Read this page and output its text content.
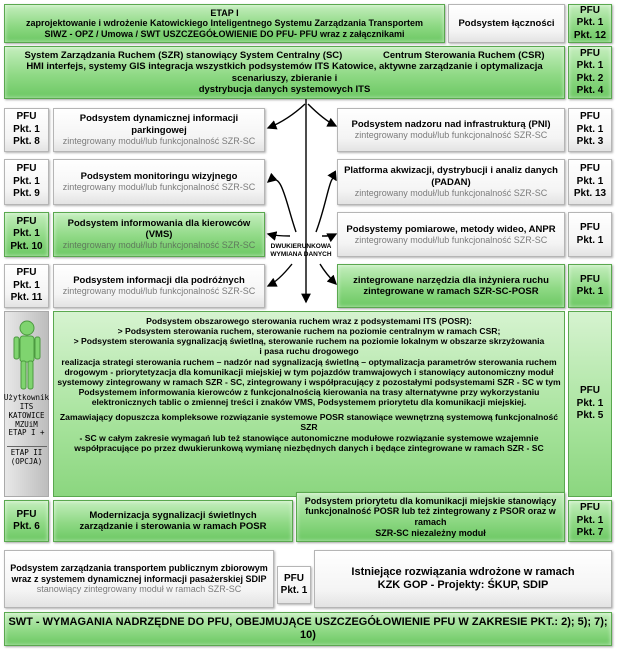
ETAP I
zaprojektowanie i wdrożenie Katowickiego Inteligentnego Systemu Zarządzania Transportem
SIWZ - OPZ / Umowa / SWT USZCZEGÓŁOWIENIE DO PFU- PFU wraz z załącznikami
Podsystem łączności
PFU
Pkt. 1
Pkt. 12
System Zarządzania Ruchem (SZR) stanowiący System Centralny (SC)	Centrum Sterowania Ruchem (CSR)
HMI interfejs, systemy GIS integracja wszystkich podsystemów ITS Katowice, aktywne zarządzanie i optymalizacja scenariuszy, zbieranie i
dystrybucja danych systemowych ITS
PFU
Pkt. 1
Pkt. 2
Pkt. 4
PFU
Pkt. 1
Pkt. 8
Podsystem dynamicznej informacji parkingowej
zintegrowany moduł/lub funkcjonalność SZR-SC
Podsystem nadzoru nad infrastrukturą (PNI)
zintegrowany moduł/lub funkcjonalność SZR-SC
PFU
Pkt. 1
Pkt. 3
PFU
Pkt. 1
Pkt. 9
Podsystem monitoringu wizyjnego
zintegrowany moduł/lub funkcjonalność SZR-SC
Platforma akwizacji, dystrybucji i analiz danych (PADAN)
zintegrowany moduł/lub funkcjonalność SZR-SC
PFU
Pkt. 1
Pkt. 13
PFU
Pkt. 1
Pkt. 10
Podsystem informowania dla kierowców (VMS)
zintegrowany moduł/lub funkcjonalność SZR-SC
Podsystemy pomiarowe, metody wideo, ANPR
zintegrowany moduł/lub funkcjonalność SZR-SC
PFU
Pkt. 1
DWUKIERUNKOWA
WYMIANA DANYCH
PFU
Pkt. 1
Pkt. 11
Podsystem informacji dla podróżnych
zintegrowany moduł/lub funkcjonalność SZR-SC
zintegrowane narzędzia dla inżyniera ruchu
zintegrowane w ramach SZR-SC-POSR
PFU
Pkt. 1
Podsystem obszarowego sterowania ruchem wraz z podsystemami ITS (POSR):
> Podsystem sterowania ruchem, sterowanie ruchem na poziomie centralnym w ramach CSR;
> Podsystem sterowania sygnalizacją świetlną, sterowanie ruchem na poziomie lokalnym w obszarze skrzyżowania
i pasa ruchu drogowego
realizacja strategi sterowania ruchem – nadzór nad sygnalizacją świetlną – optymalizacja parametrów sterowania ruchem
drogowym - priorytetyzacja dla komunikacji miejskiej w tym pojazdów tramwajowych i stanowiący autonomiczny moduł
systemowy zintegrowany w ramach SZR - SC, zintegrowany i współpracujący z pozostałymi podsystemami SZR - SC w tym
Podsystemem informowania kierowców z funkcjonalnością kierowania na trasy alternatywne przy wykorzystaniu
elektronicznych tablic o zmiennej treści i znaków VMS, Podsystemem priorytetu dla komunikacji miejskiej.
Zamawiający dopuszcza kompleksowe rozwiązanie systemowe POSR stanowiące wewnętrzną systemową funkcjonalność SZR
- SC w całym zakresie wymagań lub też stanowiące autonomiczne modułowe rozwiązanie systemowe wzajemnie
współpracujące po przez dwukierunkową wymianę niezbędnych danych i będące zintegrowane w ramach SZR - SC
PFU
Pkt. 1
Pkt. 5
Użytkownik
ITS
KATOWICE
MZUiM
ETAP I +
ETAP II
(OPCJA)
PFU
Pkt. 6
Modernizacja sygnalizacji świetlnych
zarządzanie i sterowania w ramach POSR
Podsystem priorytetu dla komunikacji miejskie stanowiący
funkcjonalność POSR lub też zintegrowany z PSOR oraz w ramach
SZR-SC niezależny moduł
PFU
Pkt. 1
Pkt. 7
Podsystem zarządzania transportem publicznym zbiorowym
wraz z systemem dynamicznej informacji pasażerskiej SDIP
stanowiący zintegrowany moduł w ramach SZR-SC
PFU
Pkt. 1
Istniejące rozwiązania wdrożone w ramach
KZK GOP - Projekty: ŚKUP, SDIP
SWT - WYMAGANIA NADRZĘDNE DO PFU, OBEJMUJĄCE USZCZEGÓŁOWIENIE PFU W ZAKRESIE PKT.: 2); 5); 7); 10)
